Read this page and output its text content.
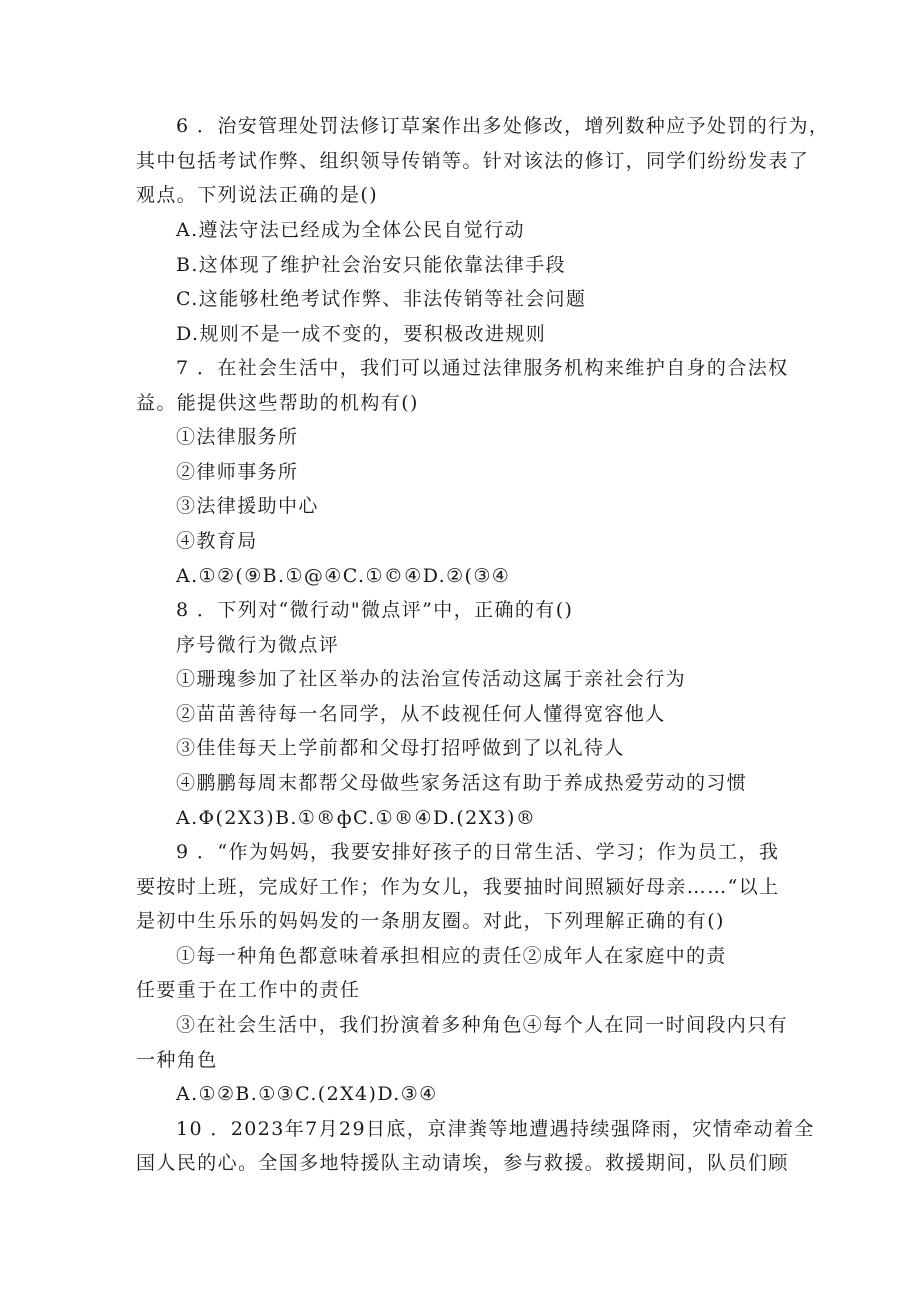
6 ．治安管理处罚法修订草案作出多处修改，增列数种应予处罚的行为，
其中包括考试作弊、组织领导传销等。针对该法的修订，同学们纷纷发表了
观点。下列说法正确的是()
A.遵法守法已经成为全体公民自觉行动
B.这体现了维护社会治安只能依靠法律手段
C.这能够杜绝考试作弊、非法传销等社会问题
D.规则不是一成不变的，要积极改进规则
7 ．在社会生活中，我们可以通过法律服务机构来维护自身的合法权
益。能提供这些帮助的机构有()
①法律服务所
②律师事务所
③法律援助中心
④教育局
A.①②(⑨B.①@④C.①©④D.②(③④
8 ．下列对“微行动"微点评”中，正确的有()
序号微行为微点评
①珊瑰参加了社区举办的法治宣传活动这属于亲社会行为
②苗苗善待每一名同学，从不歧视任何人懂得宽容他人
③佳佳每天上学前都和父母打招呼做到了以礼待人
④鹏鹏每周末都帮父母做些家务活这有助于养成热爱劳动的习惯
A.Φ(2X3)B.①®фC.①®④D.(2X3)®
9 ．“作为妈妈，我要安排好孩子的日常生活、学习；作为员工，我
要按时上班，完成好工作；作为女儿，我要抽时间照颍好母亲……“以上
是初中生乐乐的妈妈发的一条朋友圈。对此，下列理解正确的有()
①每一种角色都意味着承担相应的责任②成年人在家庭中的责
任要重于在工作中的责任
③在社会生活中，我们扮演着多种角色④每个人在同一时间段内只有
一种角色
A.①②B.①③C.(2X4)D.③④
10 ．2023年7月29日底，京津粪等地遭遇持续强降雨，灾情牵动着全
国人民的心。全国多地特援队主动请埃，参与救援。救援期间，队员们顾
